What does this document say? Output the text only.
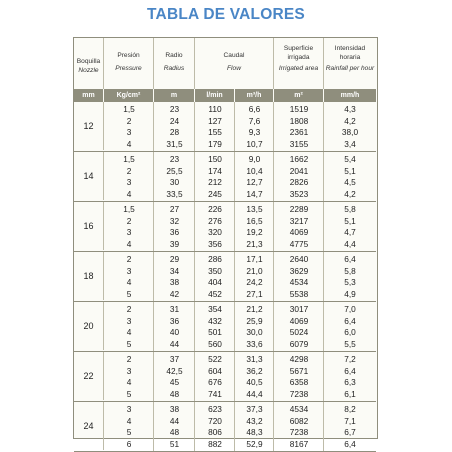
TABLA DE VALORES
Boquilla
Nozzle
Presión
Pressure
Radio
Radius
Caudal
Flow
Superficie irrigada
Irrigated area
Intensidad horaria
Rainfall per hour
mm	Kg/cm²	m	l/min	m³/h	m²	mm/h
12
1,5	23	110	6,6	1519	4,3
2	24	127	7,6	1808	4,2
3	28	155	9,3	2361	38,0
4	31,5	179	10,7	3155	3,4
14
1,5	23	150	9,0	1662	5,4
2	25,5	174	10,4	2041	5,1
3	30	212	12,7	2826	4,5
4	33,5	245	14,7	3523	4,2
16
1,5	27	226	13,5	2289	5,8
2	32	276	16,5	3217	5,1
3	36	320	19,2	4069	4,7
4	39	356	21,3	4775	4,4
18
2	29	286	17,1	2640	6,4
3	34	350	21,0	3629	5,8
4	38	404	24,2	4534	5,3
5	42	452	27,1	5538	4,9
20
2	31	354	21,2	3017	7,0
3	36	432	25,9	4069	6,4
4	40	501	30,0	5024	6,0
5	44	560	33,6	6079	5,5
22
2	37	522	31,3	4298	7,2
3	42,5	604	36,2	5671	6,4
4	45	676	40,5	6358	6,3
5	48	741	44,4	7238	6,1
24
3	38	623	37,3	4534	8,2
4	44	720	43,2	6082	7,1
5	48	806	48,3	7238	6,7
6	51	882	52,9	8167	6,4
